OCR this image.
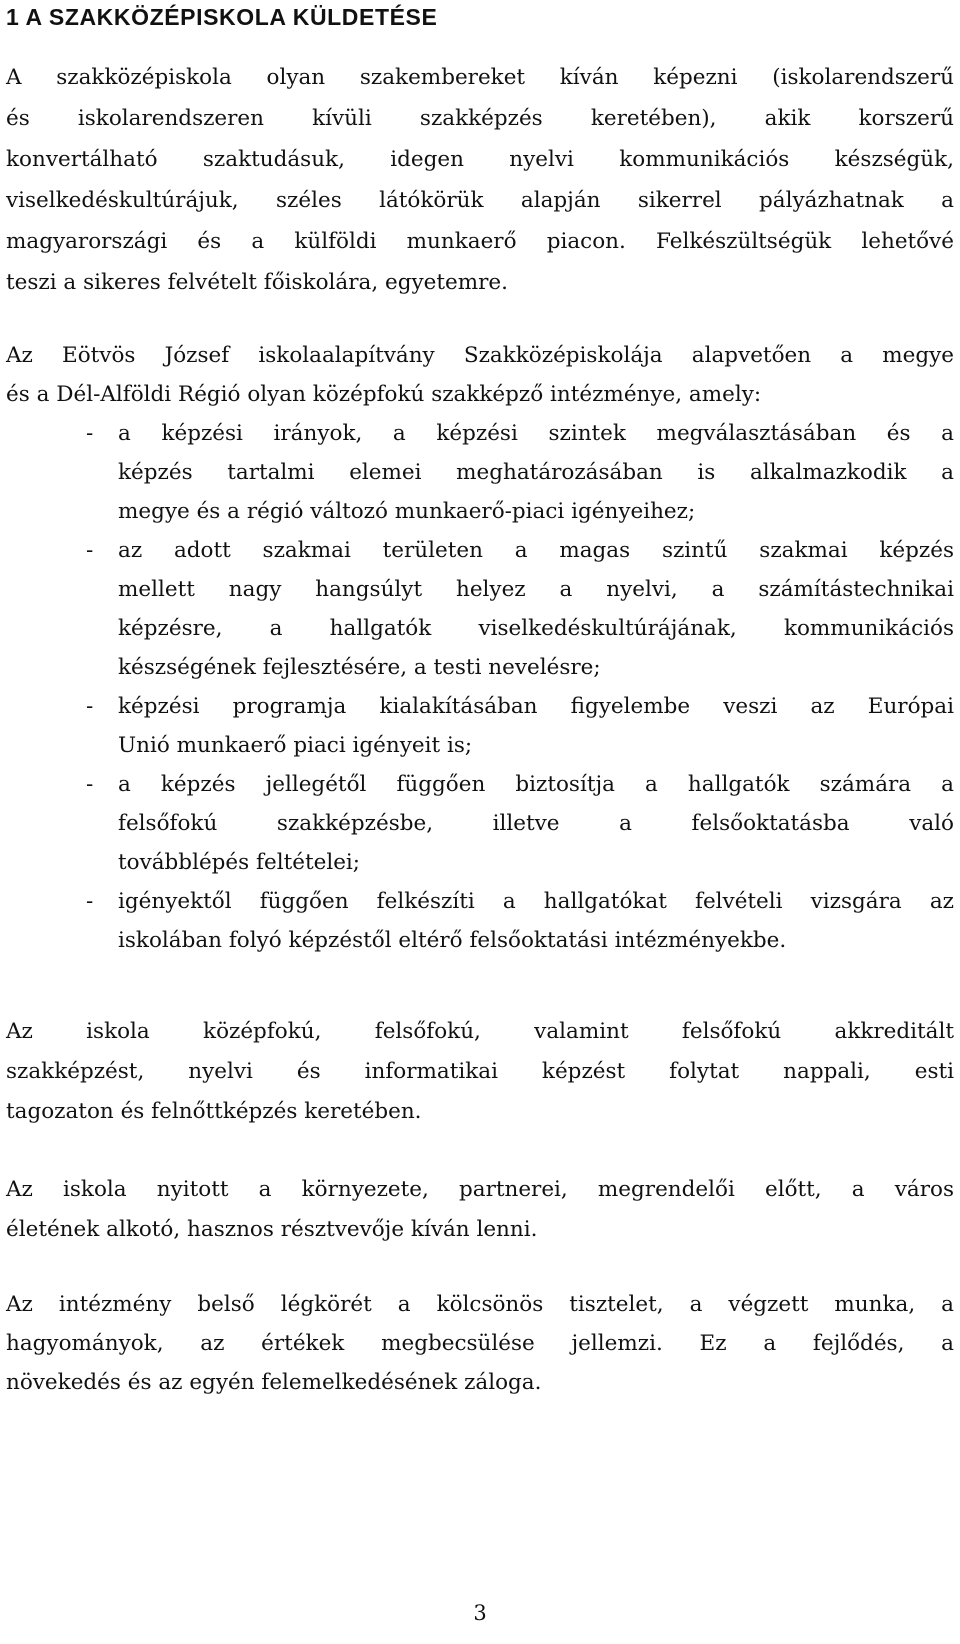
1 A SZAKKÖZÉPISKOLA KÜLDETÉSE
A szakközépiskola olyan szakembereket kíván képezni (iskolarendszerű
és iskolarendszeren kívüli szakképzés keretében), akik korszerű
konvertálható szaktudásuk, idegen nyelvi kommunikációs készségük,
viselkedéskultúrájuk, széles látókörük alapján sikerrel pályázhatnak a
magyarországi és a külföldi munkaerő piacon. Felkészültségük lehetővé
teszi a sikeres felvételt főiskolára, egyetemre.
Az Eötvös József iskolaalapítvány Szakközépiskolája alapvetően a megye
és a Dél-Alföldi Régió olyan középfokú szakképző intézménye, amely:
- a képzési irányok, a képzési szintek megválasztásában és a
képzés tartalmi elemei meghatározásában is alkalmazkodik a
megye és a régió változó munkaerő-piaci igényeihez;
- az adott szakmai területen a magas szintű szakmai képzés
mellett nagy hangsúlyt helyez a nyelvi, a számítástechnikai
képzésre, a hallgatók viselkedéskultúrájának, kommunikációs
készségének fejlesztésére, a testi nevelésre;
- képzési programja kialakításában figyelembe veszi az Európai
Unió munkaerő piaci igényeit is;
- a képzés jellegétől függően biztosítja a hallgatók számára a
felsőfokú szakképzésbe, illetve a felsőoktatásba való
továbblépés feltételei;
- igényektől függően felkészíti a hallgatókat felvételi vizsgára az
iskolában folyó képzéstől eltérő felsőoktatási intézményekbe.
Az iskola középfokú, felsőfokú, valamint felsőfokú akkreditált
szakképzést, nyelvi és informatikai képzést folytat nappali, esti
tagozaton és felnőttképzés keretében.
Az iskola nyitott a környezete, partnerei, megrendelői előtt, a város
életének alkotó, hasznos résztvevője kíván lenni.
Az intézmény belső légkörét a kölcsönös tisztelet, a végzett munka, a
hagyományok, az értékek megbecsülése jellemzi. Ez a fejlődés, a
növekedés és az egyén felemelkedésének záloga.
3
